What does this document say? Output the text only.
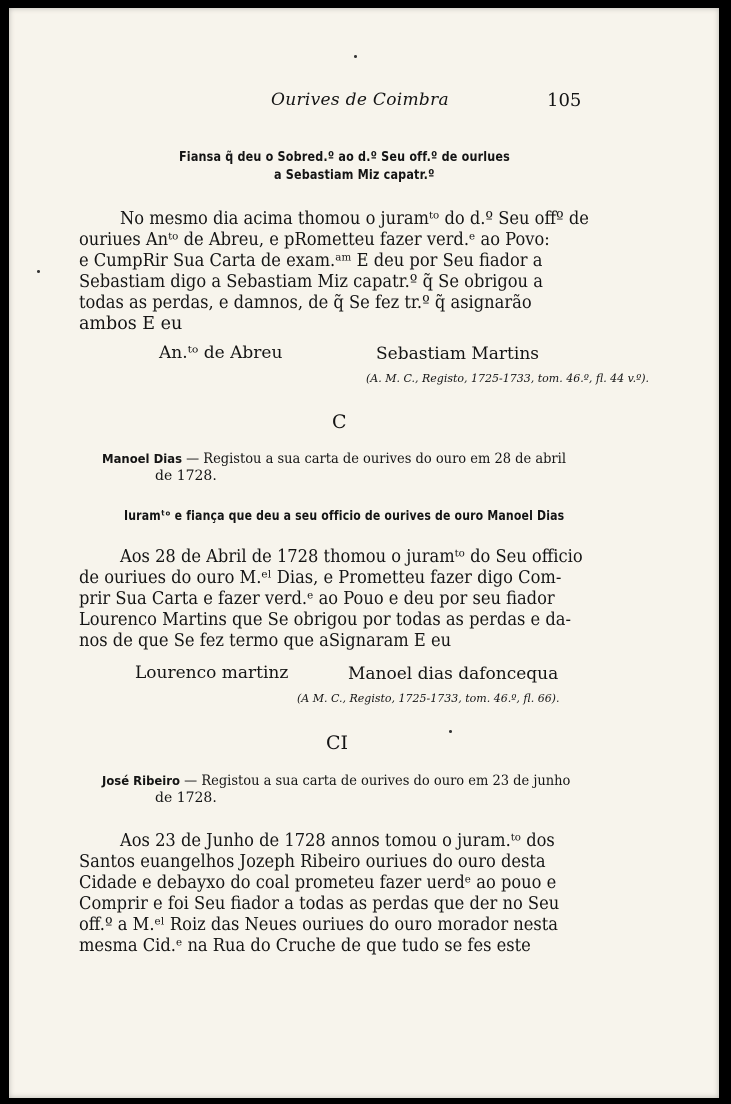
Ourives de Coimbra	105
Fiansa q̃ deu o Sobred.º ao d.º Seu off.º de ourlues
a Sebastiam Miz capatr.º
No mesmo dia acima thomou o juramᵗᵒ do d.º Seu offº de
ouriues Anᵗᵒ de Abreu, e pRometteu fazer verd.ᵉ ao Povo:
e CumpRir Sua Carta de exam.ᵃᵐ E deu por Seu fiador a
Sebastiam digo a Sebastiam Miz capatr.º q̃ Se obrigou a
todas as perdas, e damnos, de q̃ Se fez tr.º q̃ asignarão
ambos E eu
An.ᵗᵒ de Abreu	Sebastiam Martins
(A. M. C., Registo, 1725-1733, tom. 46.º, fl. 44 v.º).
C
Manoel Dias — Registou a sua carta de ourives do ouro em 28 de abril
de 1728.
Iuramᵗᵒ e fiança que deu a seu officio de ourives de ouro Manoel Dias
Aos 28 de Abril de 1728 thomou o juramᵗᵒ do Seu officio
de ouriues do ouro M.ᵉˡ Dias, e Prometteu fazer digo Com-
prir Sua Carta e fazer verd.ᵉ ao Pouo e deu por seu fiador
Lourenco Martins que Se obrigou por todas as perdas e da-
nos de que Se fez termo que aSignaram E eu
Lourenco martinz	Manoel dias dafoncequa
(A M. C., Registo, 1725-1733, tom. 46.º, fl. 66).
CI
José Ribeiro — Registou a sua carta de ourives do ouro em 23 de junho
de 1728.
Aos 23 de Junho de 1728 annos tomou o juram.ᵗᵒ dos
Santos euangelhos Jozeph Ribeiro ouriues do ouro desta
Cidade e debayxo do coal prometeu fazer uerdᵉ ao pouo e
Comprir e foi Seu fiador a todas as perdas que der no Seu
off.º a M.ᵉˡ Roiz das Neues ouriues do ouro morador nesta
mesma Cid.ᵉ na Rua do Cruche de que tudo se fes este
